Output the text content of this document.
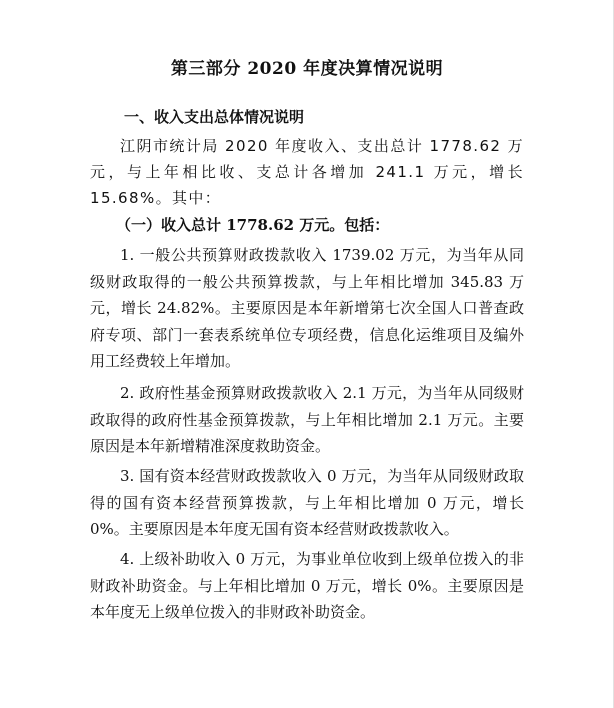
第三部分 2020 年度决算情况说明
一、收入支出总体情况说明

江阴市统计局 2020 年度收入、支出总计 1778.62 万元，与上年相比收、支总计各增加 241.1 万元，增长 15.68%。其中：

（一）收入总计 1778.62 万元。包括：

1. 一般公共预算财政拨款收入 1739.02 万元，为当年从同级财政取得的一般公共预算拨款，与上年相比增加 345.83 万元，增长 24.82%。主要原因是本年新增第七次全国人口普查政府专项、部门一套表系统单位专项经费，信息化运维项目及编外用工经费较上年增加。

2. 政府性基金预算财政拨款收入 2.1 万元，为当年从同级财政取得的政府性基金预算拨款，与上年相比增加 2.1 万元。主要原因是本年新增精准深度救助资金。

3. 国有资本经营财政拨款收入 0 万元，为当年从同级财政取得的国有资本经营预算拨款，与上年相比增加 0 万元，增长 0%。主要原因是本年度无国有资本经营财政拨款收入。

4. 上级补助收入 0 万元，为事业单位收到上级单位拨入的非财政补助资金。与上年相比增加 0 万元，增长 0%。主要原因是本年度无上级单位拨入的非财政补助资金。
